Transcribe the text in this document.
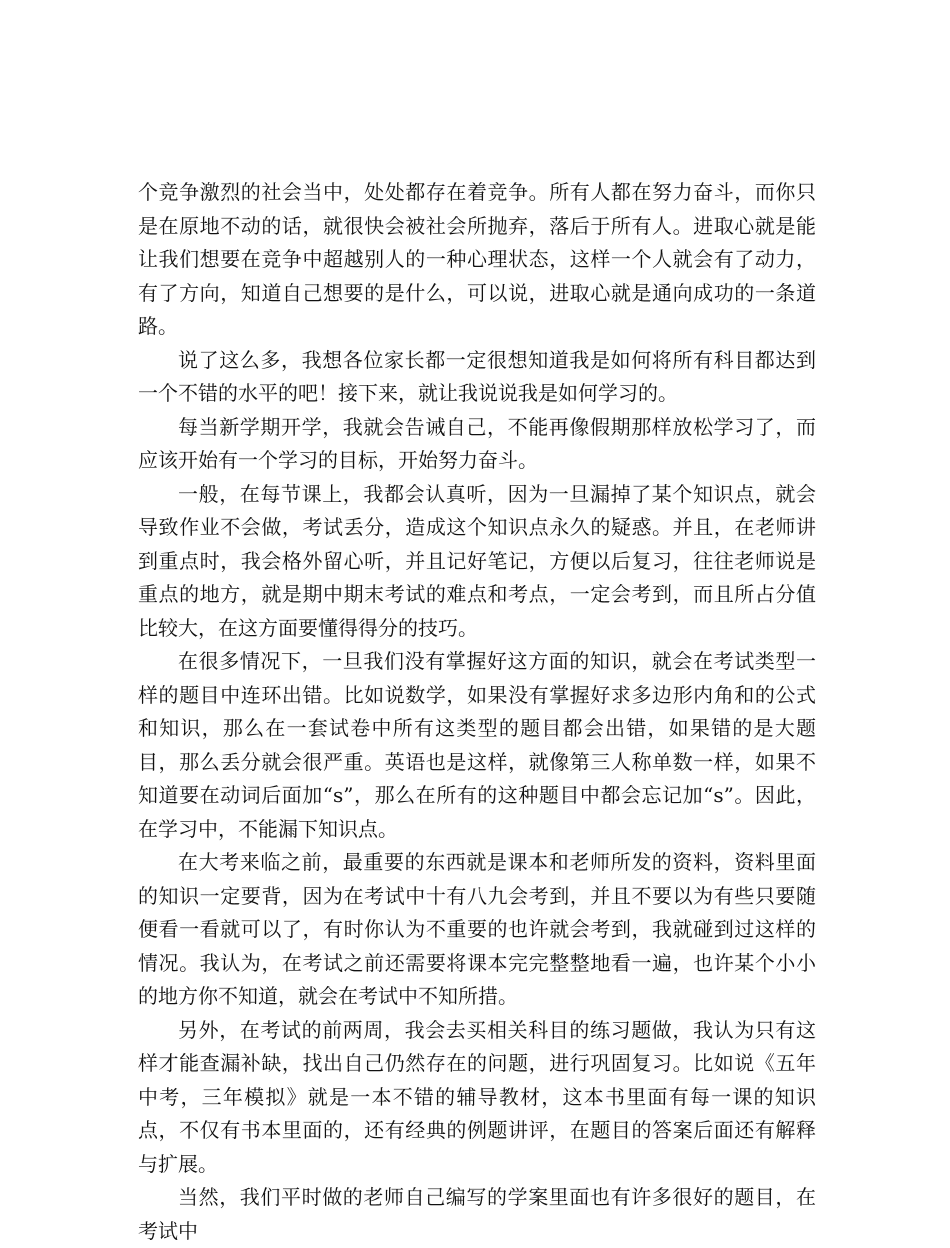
个竞争激烈的社会当中，处处都存在着竞争。所有人都在努力奋斗，而你只是在原地不动的话，就很快会被社会所抛弃，落后于所有人。进取心就是能让我们想要在竞争中超越别人的一种心理状态，这样一个人就会有了动力，有了方向，知道自己想要的是什么，可以说，进取心就是通向成功的一条道路。

说了这么多，我想各位家长都一定很想知道我是如何将所有科目都达到一个不错的水平的吧！接下来，就让我说说我是如何学习的。

每当新学期开学，我就会告诫自己，不能再像假期那样放松学习了，而应该开始有一个学习的目标，开始努力奋斗。

一般，在每节课上，我都会认真听，因为一旦漏掉了某个知识点，就会导致作业不会做，考试丢分，造成这个知识点永久的疑惑。并且，在老师讲到重点时，我会格外留心听，并且记好笔记，方便以后复习，往往老师说是重点的地方，就是期中期末考试的难点和考点，一定会考到，而且所占分值比较大，在这方面要懂得得分的技巧。

在很多情况下，一旦我们没有掌握好这方面的知识，就会在考试类型一样的题目中连环出错。比如说数学，如果没有掌握好求多边形内角和的公式和知识，那么在一套试卷中所有这类型的题目都会出错，如果错的是大题目，那么丢分就会很严重。英语也是这样，就像第三人称单数一样，如果不知道要在动词后面加“s”，那么在所有的这种题目中都会忘记加“s”。因此，在学习中，不能漏下知识点。

在大考来临之前，最重要的东西就是课本和老师所发的资料，资料里面的知识一定要背，因为在考试中十有八九会考到，并且不要以为有些只要随便看一看就可以了，有时你认为不重要的也许就会考到，我就碰到过这样的情况。我认为，在考试之前还需要将课本完完整整地看一遍，也许某个小小的地方你不知道，就会在考试中不知所措。

另外，在考试的前两周，我会去买相关科目的练习题做，我认为只有这样才能查漏补缺，找出自己仍然存在的问题，进行巩固复习。比如说《五年中考，三年模拟》就是一本不错的辅导教材，这本书里面有每一课的知识点，不仅有书本里面的，还有经典的例题讲评，在题目的答案后面还有解释与扩展。

当然，我们平时做的老师自己编写的学案里面也有许多很好的题目，在考试中
